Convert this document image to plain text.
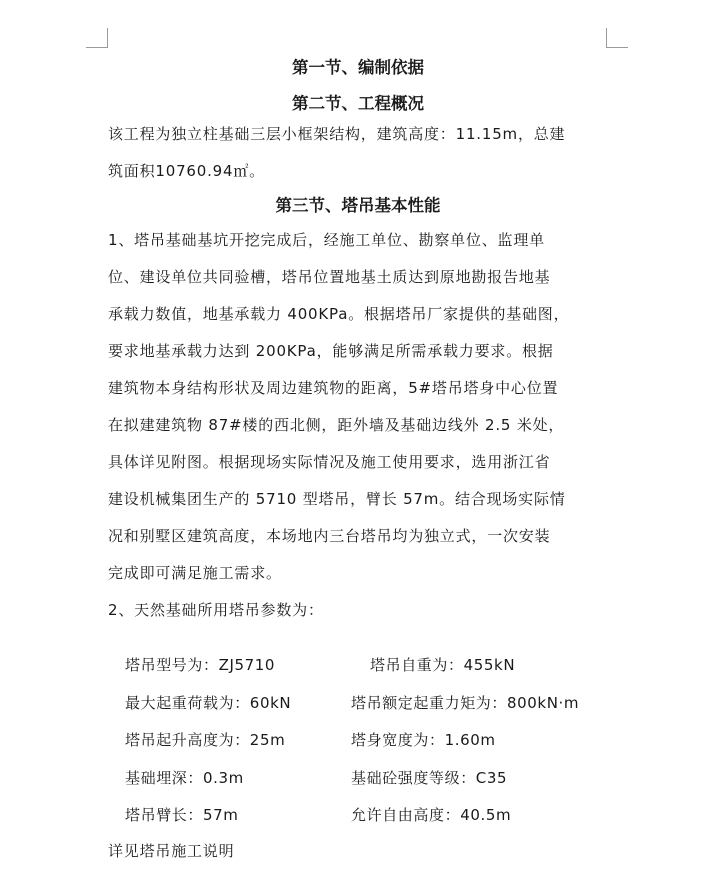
第一节、编制依据
第二节、工程概况
该工程为独立柱基础三层小框架结构，建筑高度：11.15m，总建
筑面积10760.94㎡。
第三节、塔吊基本性能
1、塔吊基础基坑开挖完成后，经施工单位、勘察单位、监理单
位、建设单位共同验槽，塔吊位置地基土质达到原地勘报告地基
承载力数值，地基承载力 400KPa。根据塔吊厂家提供的基础图，
要求地基承载力达到 200KPa，能够满足所需承载力要求。根据
建筑物本身结构形状及周边建筑物的距离，5#塔吊塔身中心位置
在拟建建筑物 87#楼的西北侧，距外墙及基础边线外 2.5 米处，
具体详见附图。根据现场实际情况及施工使用要求，选用浙江省
建设机械集团生产的 5710 型塔吊，臂长 57m。结合现场实际情
况和别墅区建筑高度，本场地内三台塔吊均为独立式，一次安装
完成即可满足施工需求。
2、天然基础所用塔吊参数为：
塔吊型号为：ZJ5710	塔吊自重为：455kN
最大起重荷载为：60kN	塔吊额定起重力矩为：800kN·m
塔吊起升高度为：25m	塔身宽度为：1.60m
基础埋深：0.3m	基础砼强度等级：C35
塔吊臂长：57m	允许自由高度：40.5m
详见塔吊施工说明
